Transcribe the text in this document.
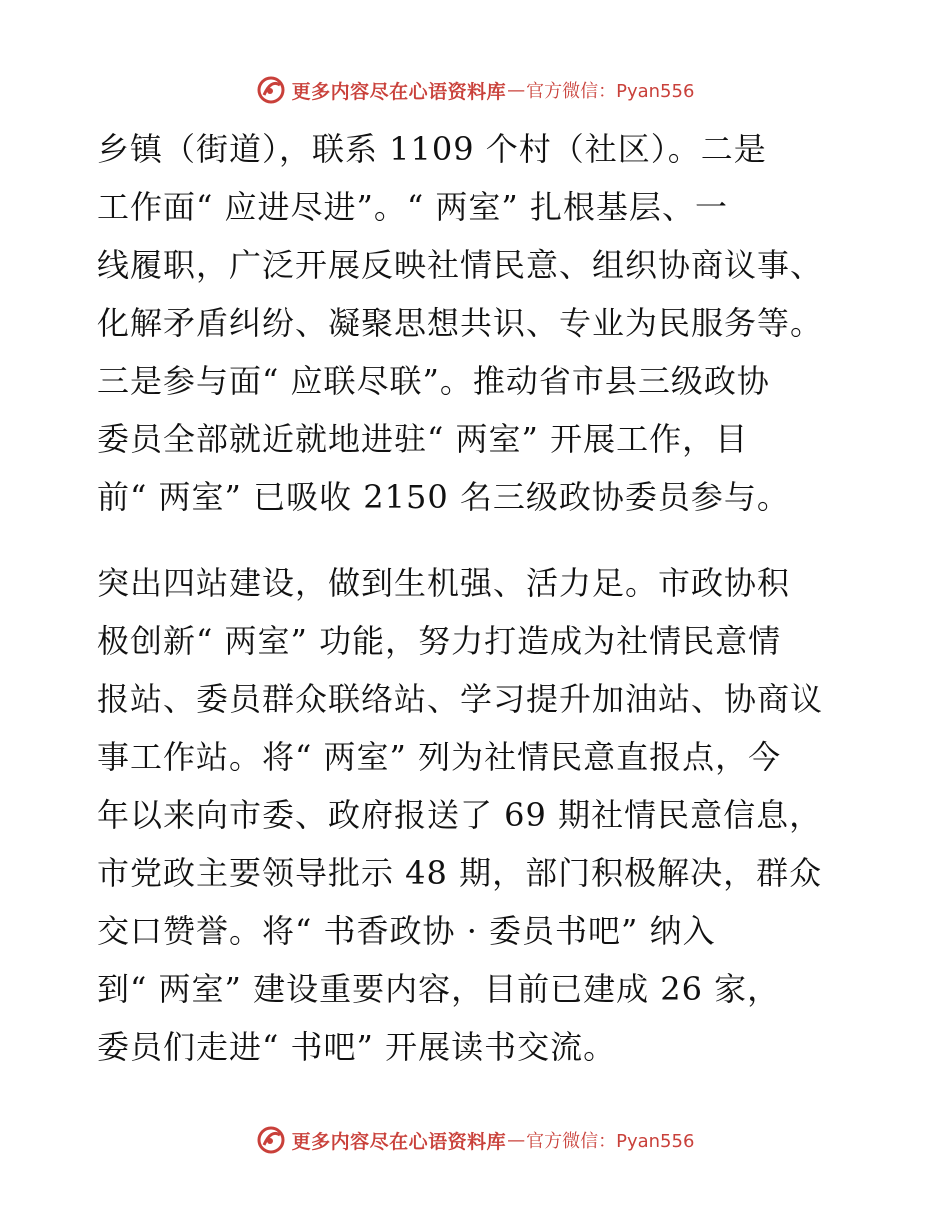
更多内容尽在心语资料库 — 官方微信：Pyan556
乡镇（街道），联系 1109 个村（社区）。二是
工作面“ 应进尽进”。“ 两室” 扎根基层、一
线履职，广泛开展反映社情民意、组织协商议事、
化解矛盾纠纷、凝聚思想共识、专业为民服务等。
三是参与面“ 应联尽联”。推动省市县三级政协
委员全部就近就地进驻“ 两室” 开展工作，目
前“ 两室” 已吸收 2150 名三级政协委员参与。
突出四站建设，做到生机强、活力足。市政协积
极创新“ 两室” 功能，努力打造成为社情民意情
报站、委员群众联络站、学习提升加油站、协商议
事工作站。将“ 两室” 列为社情民意直报点，今
年以来向市委、政府报送了 69 期社情民意信息，
市党政主要领导批示 48 期，部门积极解决，群众
交口赞誉。将“ 书香政协 · 委员书吧” 纳入
到“ 两室” 建设重要内容，目前已建成 26 家，
委员们走进“ 书吧” 开展读书交流。
更多内容尽在心语资料库 — 官方微信：Pyan556
